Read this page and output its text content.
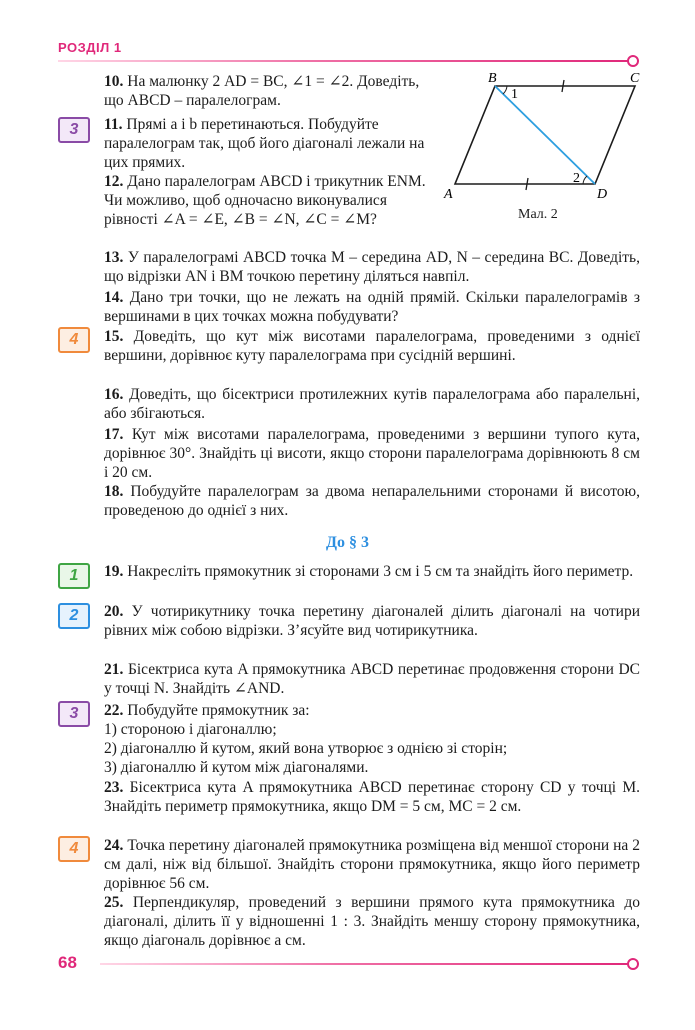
РОЗДІЛ 1
B	C
A	D
1
2
Мал. 2

10. На малюнку 2 AD = BC, ∠1 = ∠2. Доведіть, що ABCD – паралелограм.

3	11. Прямі a і b перетинаються. Побудуйте паралелограм так, щоб його діагоналі лежали на цих прямих.

12. Дано паралелограм ABCD і трикутник ENM. Чи можливо, щоб одночасно виконувалися рівності ∠A = ∠E, ∠B = ∠N, ∠C = ∠M?

13. У паралелограмі ABCD точка M – середина AD, N – середина BC. Доведіть, що відрізки AN і BM точкою перетину діляться навпіл.

14. Дано три точки, що не лежать на одній прямій. Скільки паралелограмів з вершинами в цих точках можна побудувати?

4	15. Доведіть, що кут між висотами паралелограма, проведеними з однієї вершини, дорівнює куту паралелограма при сусідній вершині.

16. Доведіть, що бісектриси протилежних кутів паралелограма або паралельні, або збігаються.

17. Кут між висотами паралелограма, проведеними з вершини тупого кута, дорівнює 30°. Знайдіть ці висоти, якщо сторони паралелограма дорівнюють 8 см і 20 см.

18. Побудуйте паралелограм за двома непаралельними сторонами й висотою, проведеною до однієї з них.

До § 3
1	19. Накресліть прямокутник зі сторонами 3 см і 5 см та знайдіть його периметр.

2	20. У чотирикутнику точка перетину діагоналей ділить діагоналі на чотири рівних між собою відрізки. З’ясуйте вид чотирикутника.

21. Бісектриса кута A прямокутника ABCD перетинає продовження сторони DC у точці N. Знайдіть ∠AND.

3	22. Побудуйте прямокутник за:
1) стороною і діагоналлю;
2) діагоналлю й кутом, який вона утворює з однією зі сторін;
3) діагоналлю й кутом між діагоналями.

23. Бісектриса кута A прямокутника ABCD перетинає сторону CD у точці M. Знайдіть периметр прямокутника, якщо DM = 5 см, MC = 2 см.

4	24. Точка перетину діагоналей прямокутника розміщена від меншої сторони на 2 см далі, ніж від більшої. Знайдіть сторони прямокутника, якщо його периметр дорівнює 56 см.

25. Перпендикуляр, проведений з вершини прямого кута прямокутника до діагоналі, ділить її у відношенні 1 : 3. Знайдіть меншу сторону прямокутника, якщо діагональ дорівнює a см.

68
